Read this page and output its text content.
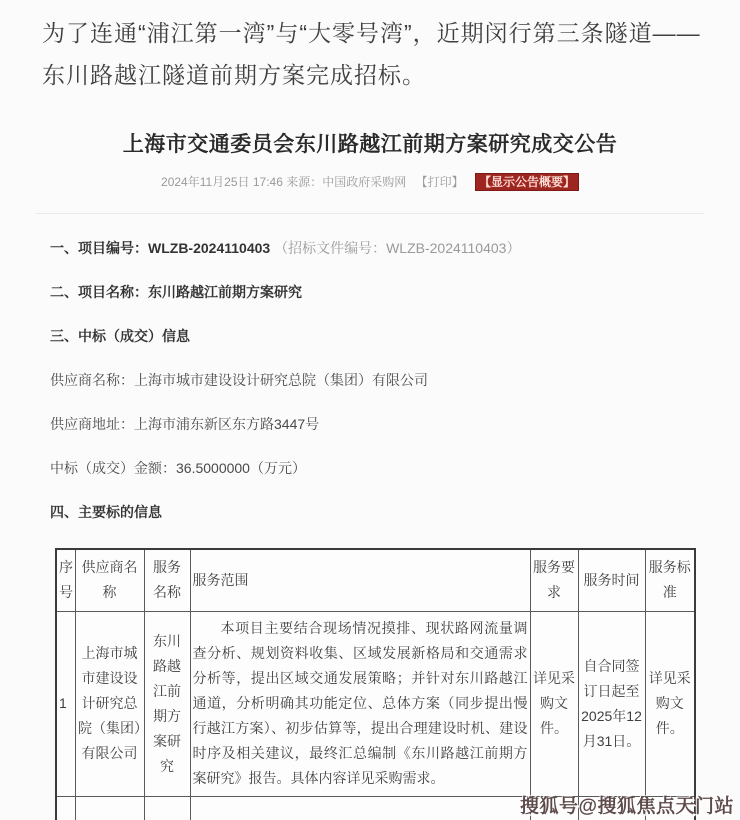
为了连通“浦江第一湾”与“大零号湾”，近期闵行第三条隧道——东川路越江隧道前期方案完成招标。
上海市交通委员会东川路越江前期方案研究成交公告
2024年11月25日 17:46 来源：中国政府采购网 【打印】 【显示公告概要】
一、项目编号：WLZB-2024110403 （招标文件编号：WLZB-2024110403）
二、项目名称：东川路越江前期方案研究
三、中标（成交）信息
供应商名称：上海市城市建设设计研究总院（集团）有限公司
供应商地址：上海市浦东新区东方路3447号
中标（成交）金额：36.5000000（万元）
四、主要标的信息
序号	供应商名称	服务名称	服务范围	服务要求	服务时间	服务标准
1	上海市城市建设设计研究总院（集团）有限公司	东川路越江前期方案研究	本项目主要结合现场情况摸排、现状路网流量调查分析、规划资料收集、区域发展新格局和交通需求分析等，提出区域交通发展策略；并针对东川路越江通道，分析明确其功能定位、总体方案（同步提出慢行越江方案）、初步估算等，提出合理建设时机、建设时序及相关建议，最终汇总编制《东川路越江前期方案研究》报告。具体内容详见采购需求。	详见采购文件。	自合同签订日起至2025年12月31日。	详见采购文件。

搜狐号@搜狐焦点天门站
